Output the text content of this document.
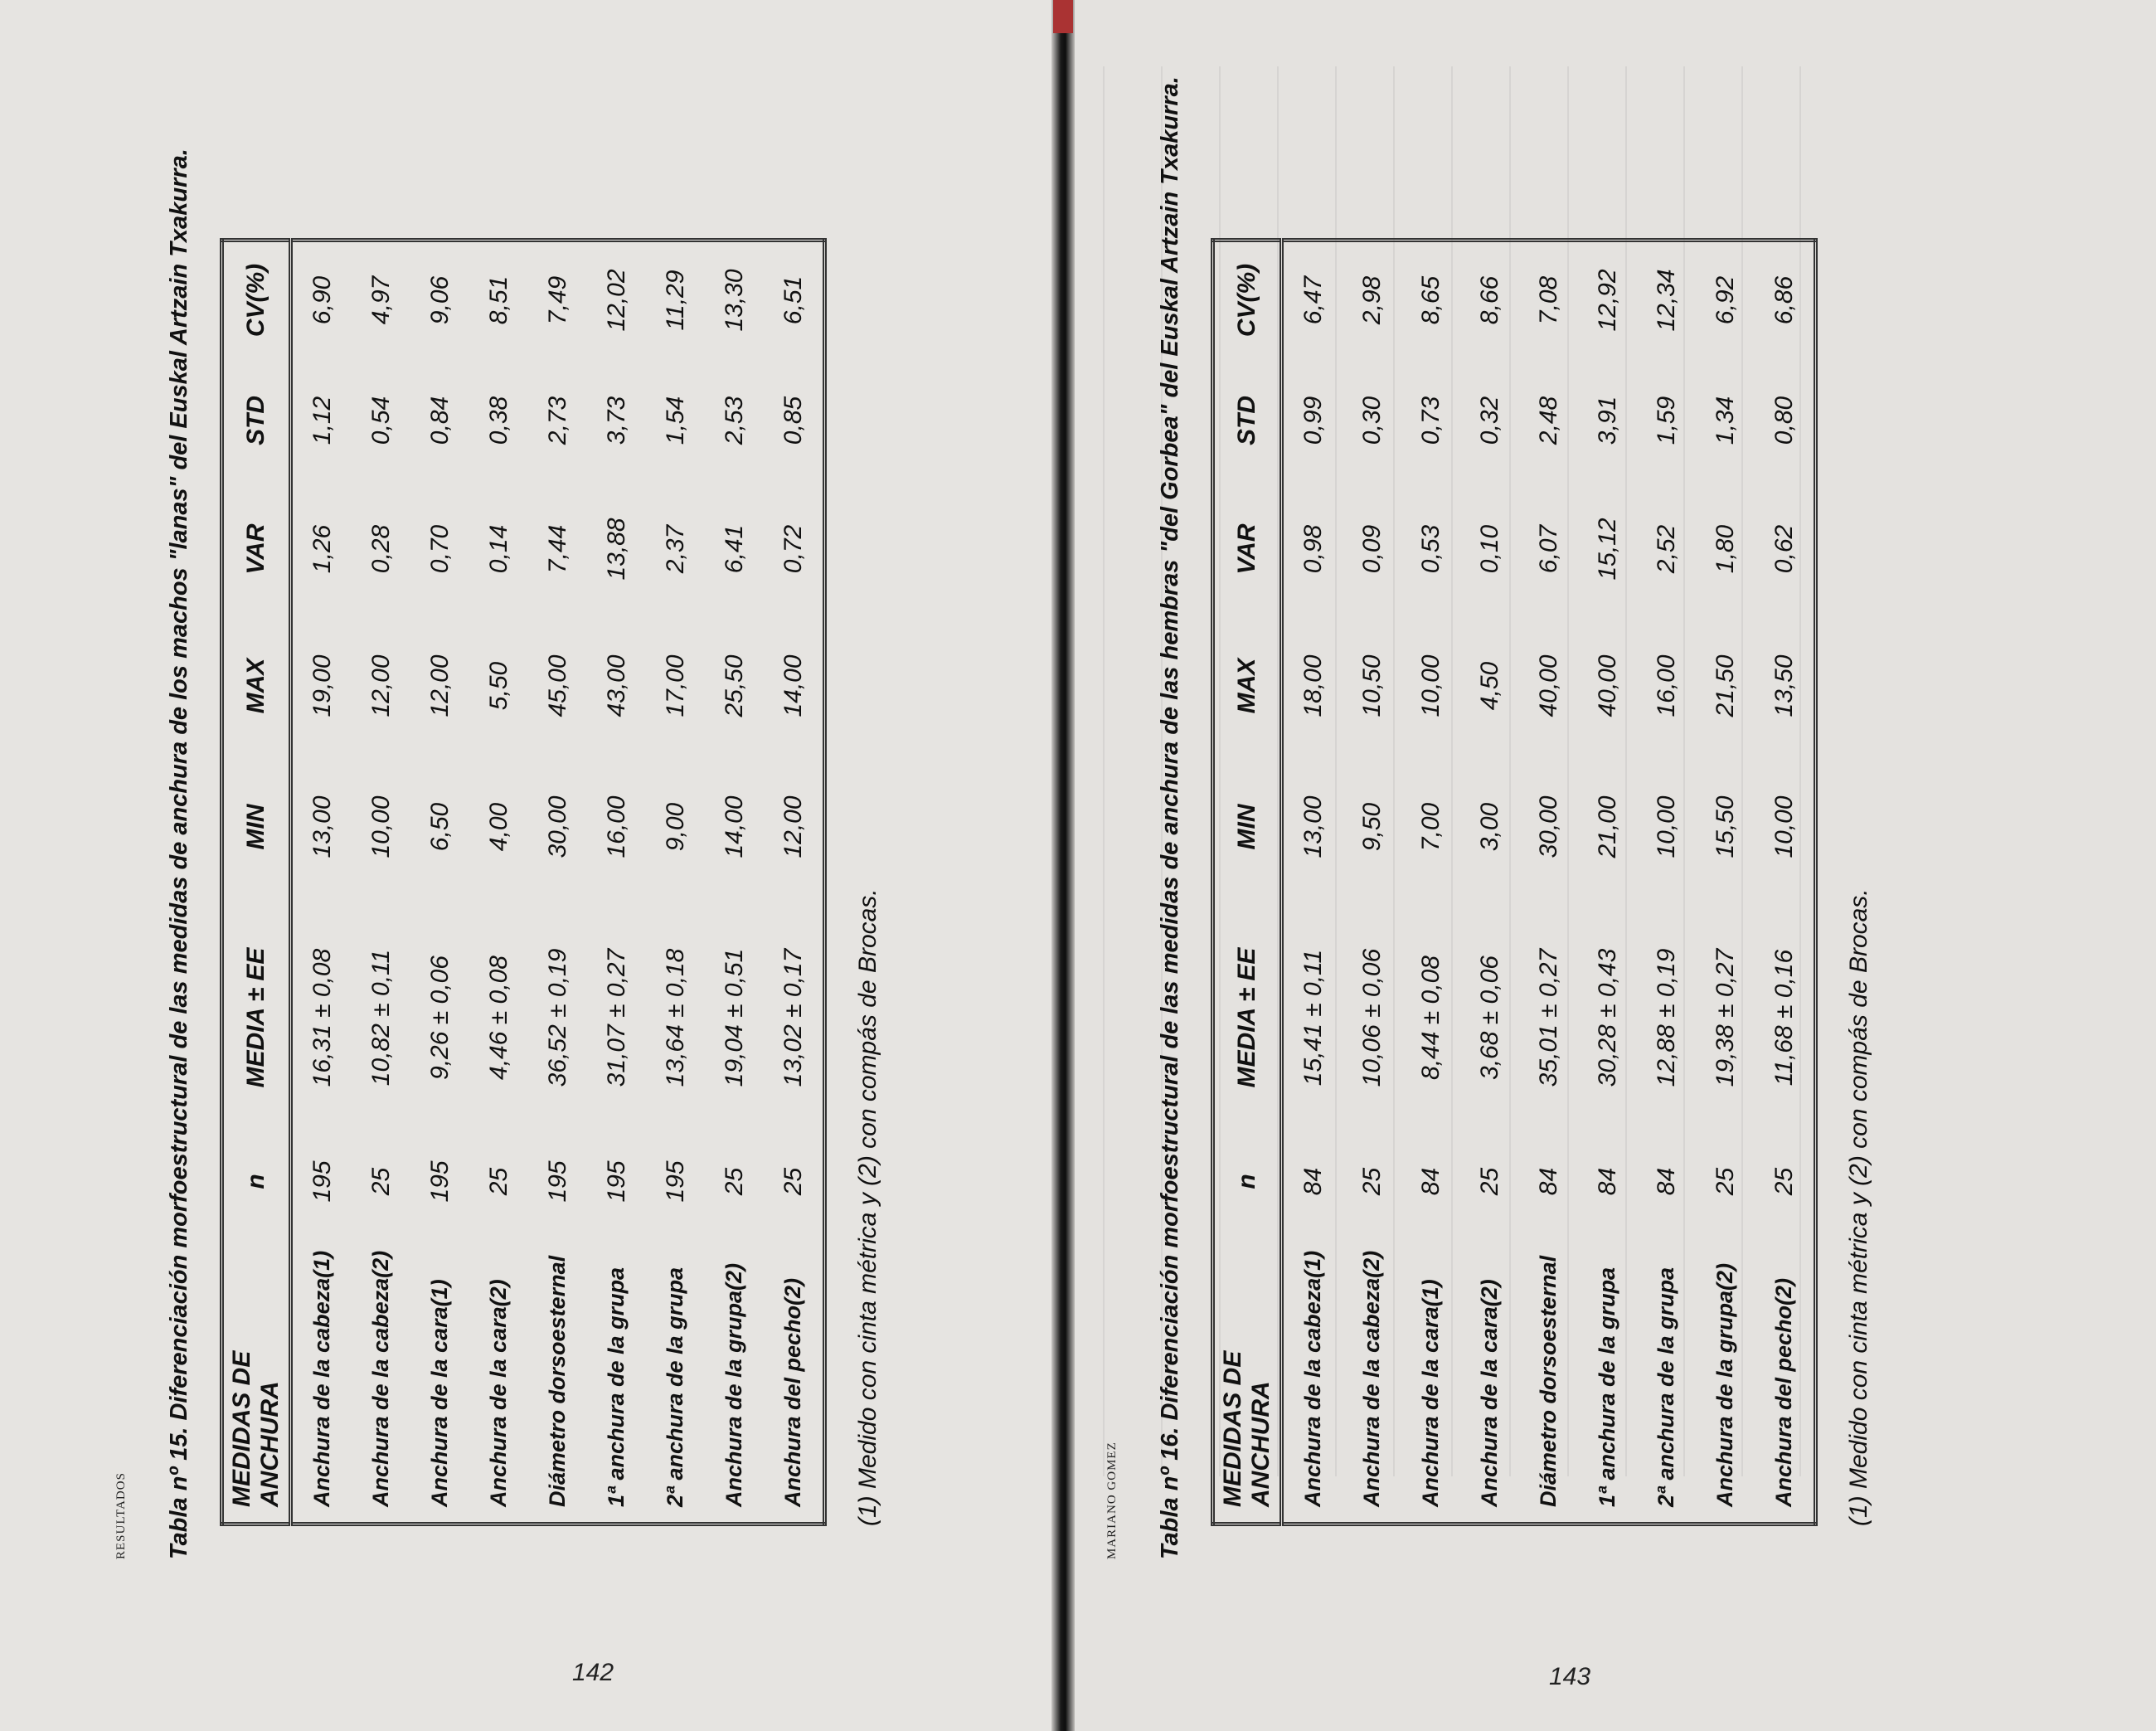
RESULTADOS Tabla nº 15. Diferenciación morfoestructural de las medidas de anchura de los machos "lanas" del Euskal Artzain Txakurra. MEDIDAS DE ANCHURA	n	MEDIA ± EE	MIN	MAX	VAR	STD	CV(%)
Anchura de la cabeza(1)	195	16,31 ± 0,08	13,00	19,00	1,26	1,12	6,90
Anchura de la cabeza(2)	25	10,82 ± 0,11	10,00	12,00	0,28	0,54	4,97
Anchura de la cara(1)	195	9,26 ± 0,06	6,50	12,00	0,70	0,84	9,06
Anchura de la cara(2)	25	4,46 ± 0,08	4,00	5,50	0,14	0,38	8,51
Diámetro dorsoesternal	195	36,52 ± 0,19	30,00	45,00	7,44	2,73	7,49
1ª anchura de la grupa	195	31,07 ± 0,27	16,00	43,00	13,88	3,73	12,02
2ª anchura de la grupa	195	13,64 ± 0,18	9,00	17,00	2,37	1,54	11,29
Anchura de la grupa(2)	25	19,04 ± 0,51	14,00	25,50	6,41	2,53	13,30
Anchura del pecho(2)	25	13,02 ± 0,17	12,00	14,00	0,72	0,85	6,51
(1) Medido con cinta métrica y (2) con compás de Brocas.	MARIANO GOMEZ Tabla nº 16. Diferenciación morfoestructural de las medidas de anchura de las hembras "del Gorbea" del Euskal Artzain Txakurra. MEDIDAS DE ANCHURA	n	MEDIA ± EE	MIN	MAX	VAR	STD	CV(%)
Anchura de la cabeza(1)	84	15,41 ± 0,11	13,00	18,00	0,98	0,99	6,47
Anchura de la cabeza(2)	25	10,06 ± 0,06	9,50	10,50	0,09	0,30	2,98
Anchura de la cara(1)	84	8,44 ± 0,08	7,00	10,00	0,53	0,73	8,65
Anchura de la cara(2)	25	3,68 ± 0,06	3,00	4,50	0,10	0,32	8,66
Diámetro dorsoesternal	84	35,01 ± 0,27	30,00	40,00	6,07	2,48	7,08
1ª anchura de la grupa	84	30,28 ± 0,43	21,00	40,00	15,12	3,91	12,92
2ª anchura de la grupa	84	12,88 ± 0,19	10,00	16,00	2,52	1,59	12,34
Anchura de la grupa(2)	25	19,38 ± 0,27	15,50	21,50	1,80	1,34	6,92
Anchura del pecho(2)	25	11,68 ± 0,16	10,00	13,50	0,62	0,80	6,86
(1) Medido con cinta métrica y (2) con compás de Brocas.
142	143
